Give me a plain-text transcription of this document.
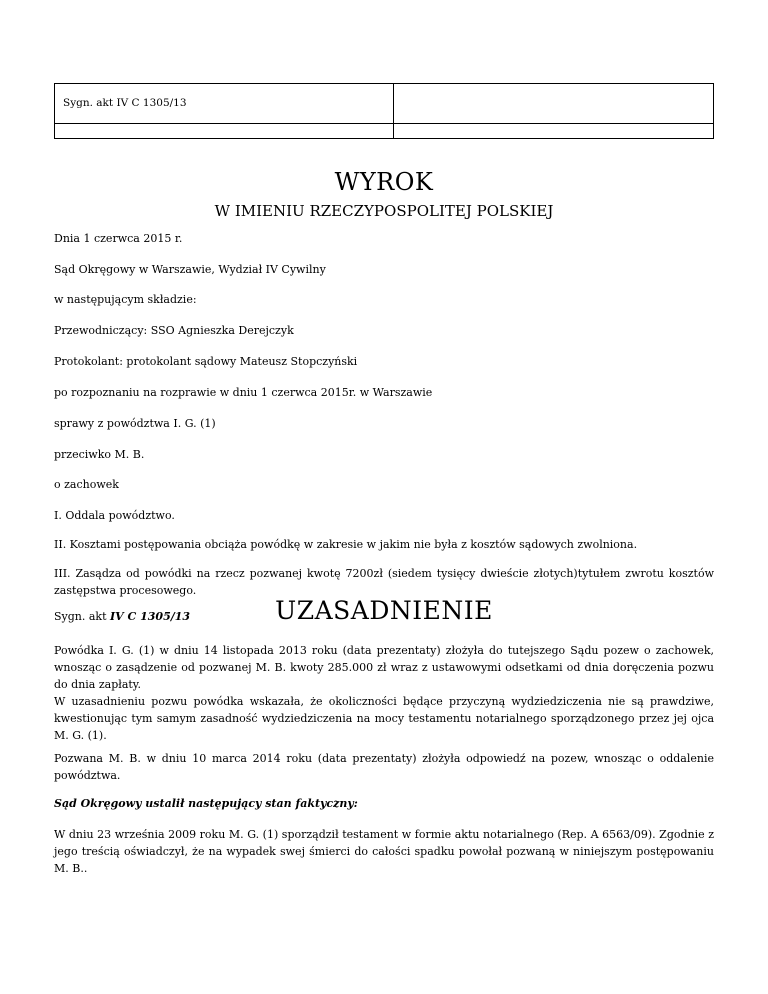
Sygn. akt IV C 1305/13	

WYROK
W IMIENIU RZECZYPOSPOLITEJ POLSKIEJ
Dnia 1 czerwca 2015 r.
Sąd Okręgowy w Warszawie, Wydział IV Cywilny
w następującym składzie:
Przewodniczący: SSO Agnieszka Derejczyk
Protokolant: protokolant sądowy Mateusz Stopczyński
po rozpoznaniu na rozprawie w dniu 1 czerwca 2015r. w Warszawie
sprawy z powództwa I. G. (1)
przeciwko M. B.
o zachowek
I. Oddala powództwo.
II. Kosztami postępowania obciąża powódkę w zakresie w jakim nie była z kosztów sądowych zwolniona.
III. Zasądza od powódki na rzecz pozwanej kwotę 7200zł (siedem tysięcy dwieście złotych)tytułem zwrotu kosztów zastępstwa procesowego.
Sygn. akt IV C 1305/13	UZASADNIENIE
Powódka I. G. (1) w dniu 14 listopada 2013 roku (data prezentaty) złożyła do tutejszego Sądu pozew o zachowek, wnosząc o zasądzenie od pozwanej M. B. kwoty 285.000 zł wraz z ustawowymi odsetkami od dnia doręczenia pozwu do dnia zapłaty.
W uzasadnieniu pozwu powódka wskazała, że okoliczności będące przyczyną wydziedziczenia nie są prawdziwe, kwestionując tym samym zasadność wydziedziczenia na mocy testamentu notarialnego sporządzonego przez jej ojca M. G. (1).
Pozwana M. B. w dniu 10 marca 2014 roku (data prezentaty) złożyła odpowiedź na pozew, wnosząc o oddalenie powództwa.
Sąd Okręgowy ustalił następujący stan faktyczny:
W dniu 23 września 2009 roku M. G. (1) sporządził testament w formie aktu notarialnego (Rep. A 6563/09). Zgodnie z jego treścią oświadczył, że na wypadek swej śmierci do całości spadku powołał pozwaną w niniejszym postępowaniu M. B..
